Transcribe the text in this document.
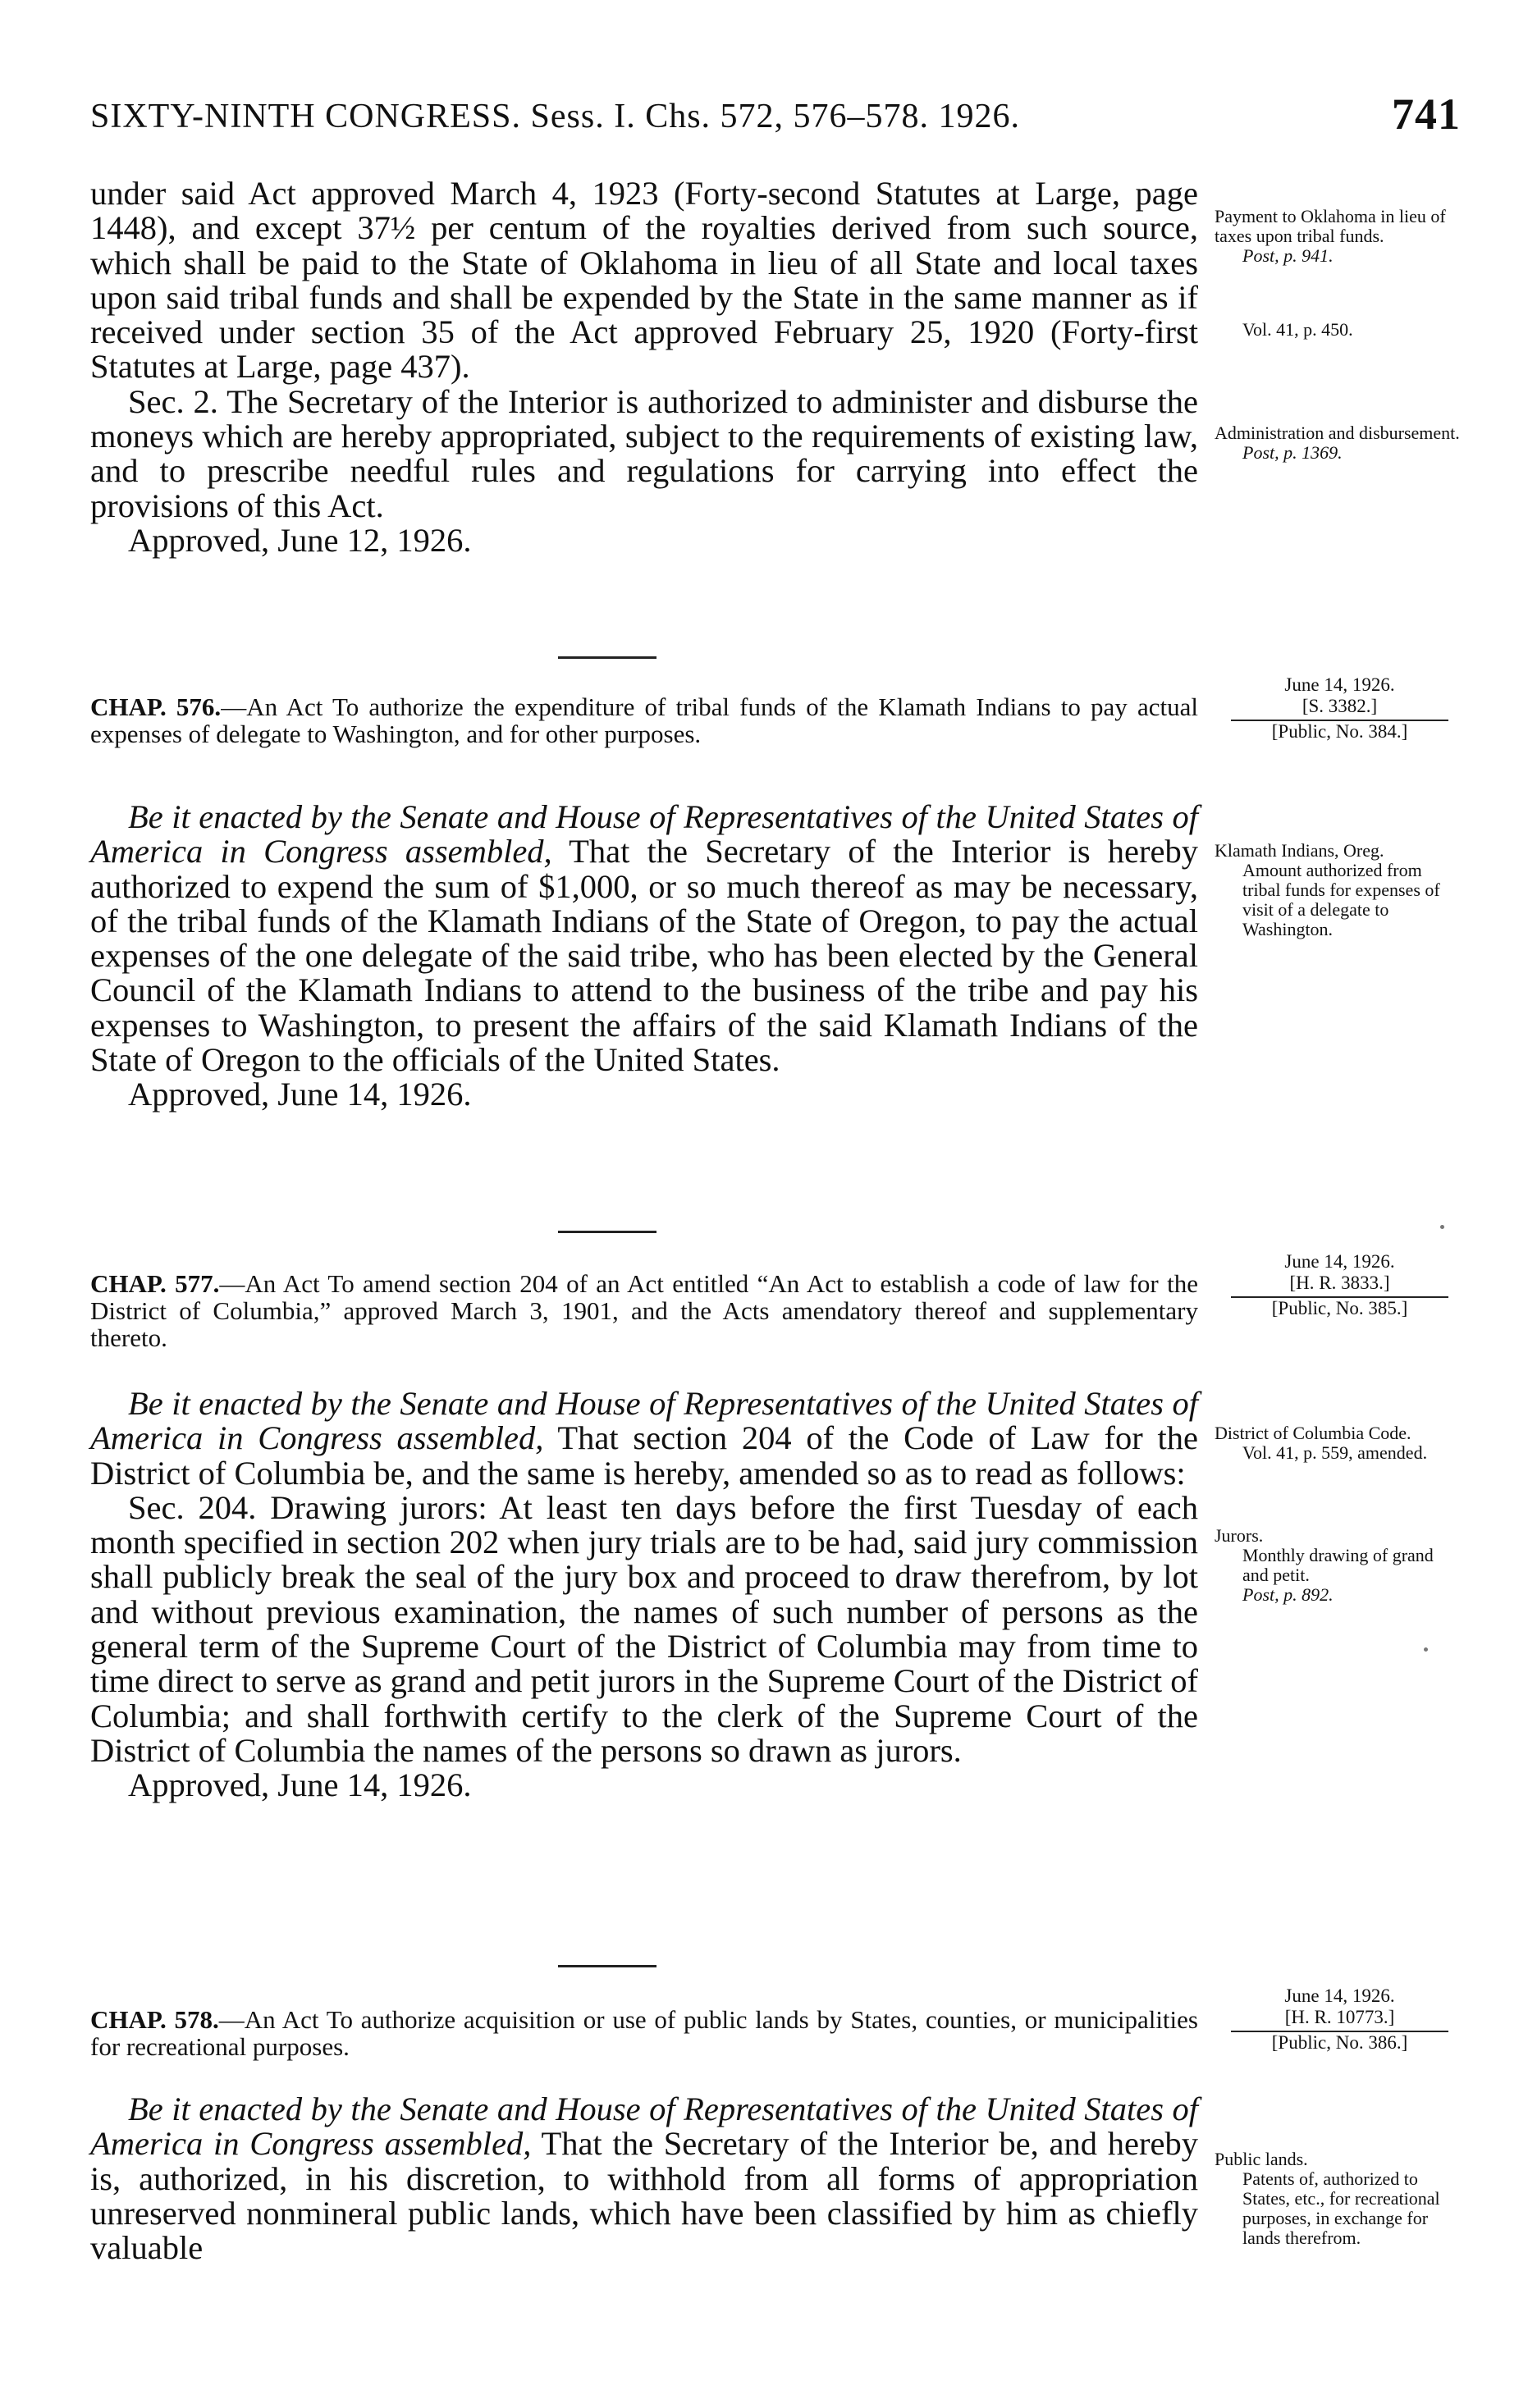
SIXTY-NINTH CONGRESS. Sess. I. Chs. 572, 576–578. 1926.	741

under said Act approved March 4, 1923 (Forty-second Statutes at Large, page 1448), and except 37½ per centum of the royalties derived from such source, which shall be paid to the State of Oklahoma in lieu of all State and local taxes upon said tribal funds and shall be expended by the State in the same manner as if received under section 35 of the Act approved February 25, 1920 (Forty-first Statutes at Large, page 437).

Sec. 2. The Secretary of the Interior is authorized to administer and disburse the moneys which are hereby appropriated, subject to the requirements of existing law, and to prescribe needful rules and regulations for carrying into effect the provisions of this Act.

Approved, June 12, 1926.

Payment to Oklahoma in lieu of taxes upon tribal funds.
Post, p. 941.
Vol. 41, p. 450.
Administration and disbursement.
Post, p. 1369.
June 14, 1926.
[S. 3382.]
[Public, No. 384.]

CHAP. 576.—An Act To authorize the expenditure of tribal funds of the Klamath Indians to pay actual expenses of delegate to Washington, and for other purposes.

Be it enacted by the Senate and House of Representatives of the United States of America in Congress assembled, That the Secretary of the Interior is hereby authorized to expend the sum of $1,000, or so much thereof as may be necessary, of the tribal funds of the Klamath Indians of the State of Oregon, to pay the actual expenses of the one delegate of the said tribe, who has been elected by the General Council of the Klamath Indians to attend to the business of the tribe and pay his expenses to Washington, to present the affairs of the said Klamath Indians of the State of Oregon to the officials of the United States.

Approved, June 14, 1926.

Klamath Indians, Oreg.
Amount authorized from tribal funds for expenses of visit of a delegate to Washington.
June 14, 1926.
[H. R. 3833.]
[Public, No. 385.]

CHAP. 577.—An Act To amend section 204 of an Act entitled “An Act to establish a code of law for the District of Columbia,” approved March 3, 1901, and the Acts amendatory thereof and supplementary thereto.

Be it enacted by the Senate and House of Representatives of the United States of America in Congress assembled, That section 204 of the Code of Law for the District of Columbia be, and the same is hereby, amended so as to read as follows:

Sec. 204. Drawing jurors: At least ten days before the first Tuesday of each month specified in section 202 when jury trials are to be had, said jury commission shall publicly break the seal of the jury box and proceed to draw therefrom, by lot and without previous examination, the names of such number of persons as the general term of the Supreme Court of the District of Columbia may from time to time direct to serve as grand and petit jurors in the Supreme Court of the District of Columbia; and shall forthwith certify to the clerk of the Supreme Court of the District of Columbia the names of the persons so drawn as jurors.

Approved, June 14, 1926.

District of Columbia Code.
Vol. 41, p. 559, amended.
Jurors.
Monthly drawing of grand and petit.
Post, p. 892.
June 14, 1926.
[H. R. 10773.]
[Public, No. 386.]

CHAP. 578.—An Act To authorize acquisition or use of public lands by States, counties, or municipalities for recreational purposes.

Be it enacted by the Senate and House of Representatives of the United States of America in Congress assembled, That the Secretary of the Interior be, and hereby is, authorized, in his discretion, to withhold from all forms of appropriation unreserved nonmineral public lands, which have been classified by him as chiefly valuable

Public lands.
Patents of, authorized to States, etc., for recreational purposes, in exchange for lands therefrom.
